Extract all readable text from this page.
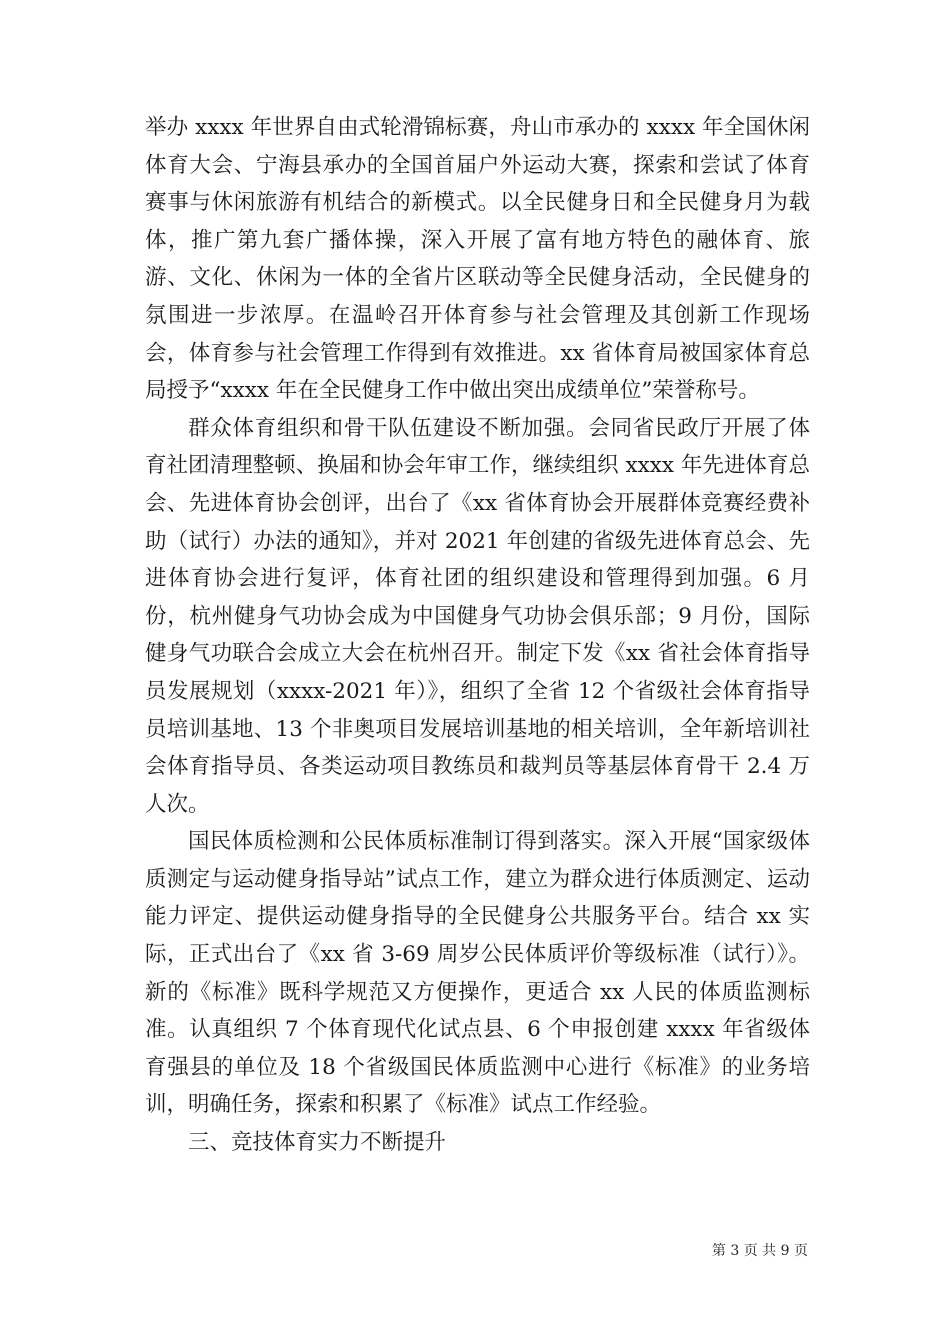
举办 xxxx 年世界自由式轮滑锦标赛，舟山市承办的 xxxx 年全国休闲体育大会、宁海县承办的全国首届户外运动大赛，探索和尝试了体育赛事与休闲旅游有机结合的新模式。以全民健身日和全民健身月为载体，推广第九套广播体操，深入开展了富有地方特色的融体育、旅游、文化、休闲为一体的全省片区联动等全民健身活动，全民健身的氛围进一步浓厚。在温岭召开体育参与社会管理及其创新工作现场会，体育参与社会管理工作得到有效推进。xx 省体育局被国家体育总局授予“xxxx 年在全民健身工作中做出突出成绩单位”荣誉称号。

群众体育组织和骨干队伍建设不断加强。会同省民政厅开展了体育社团清理整顿、换届和协会年审工作，继续组织 xxxx 年先进体育总会、先进体育协会创评，出台了《xx 省体育协会开展群体竞赛经费补助（试行）办法的通知》，并对 2021 年创建的省级先进体育总会、先进体育协会进行复评，体育社团的组织建设和管理得到加强。6 月份，杭州健身气功协会成为中国健身气功协会俱乐部；9 月份，国际健身气功联合会成立大会在杭州召开。制定下发《xx 省社会体育指导员发展规划（xxxx-2021 年）》，组织了全省 12 个省级社会体育指导员培训基地、13 个非奥项目发展培训基地的相关培训，全年新培训社会体育指导员、各类运动项目教练员和裁判员等基层体育骨干 2.4 万人次。

国民体质检测和公民体质标准制订得到落实。深入开展“国家级体质测定与运动健身指导站”试点工作，建立为群众进行体质测定、运动能力评定、提供运动健身指导的全民健身公共服务平台。结合 xx 实际，正式出台了《xx 省 3-69 周岁公民体质评价等级标准（试行）》。新的《标准》既科学规范又方便操作，更适合 xx 人民的体质监测标准。认真组织 7 个体育现代化试点县、6 个申报创建 xxxx 年省级体育强县的单位及 18 个省级国民体质监测中心进行《标准》的业务培训，明确任务，探索和积累了《标准》试点工作经验。

三、竞技体育实力不断提升

第 3 页 共 9 页
